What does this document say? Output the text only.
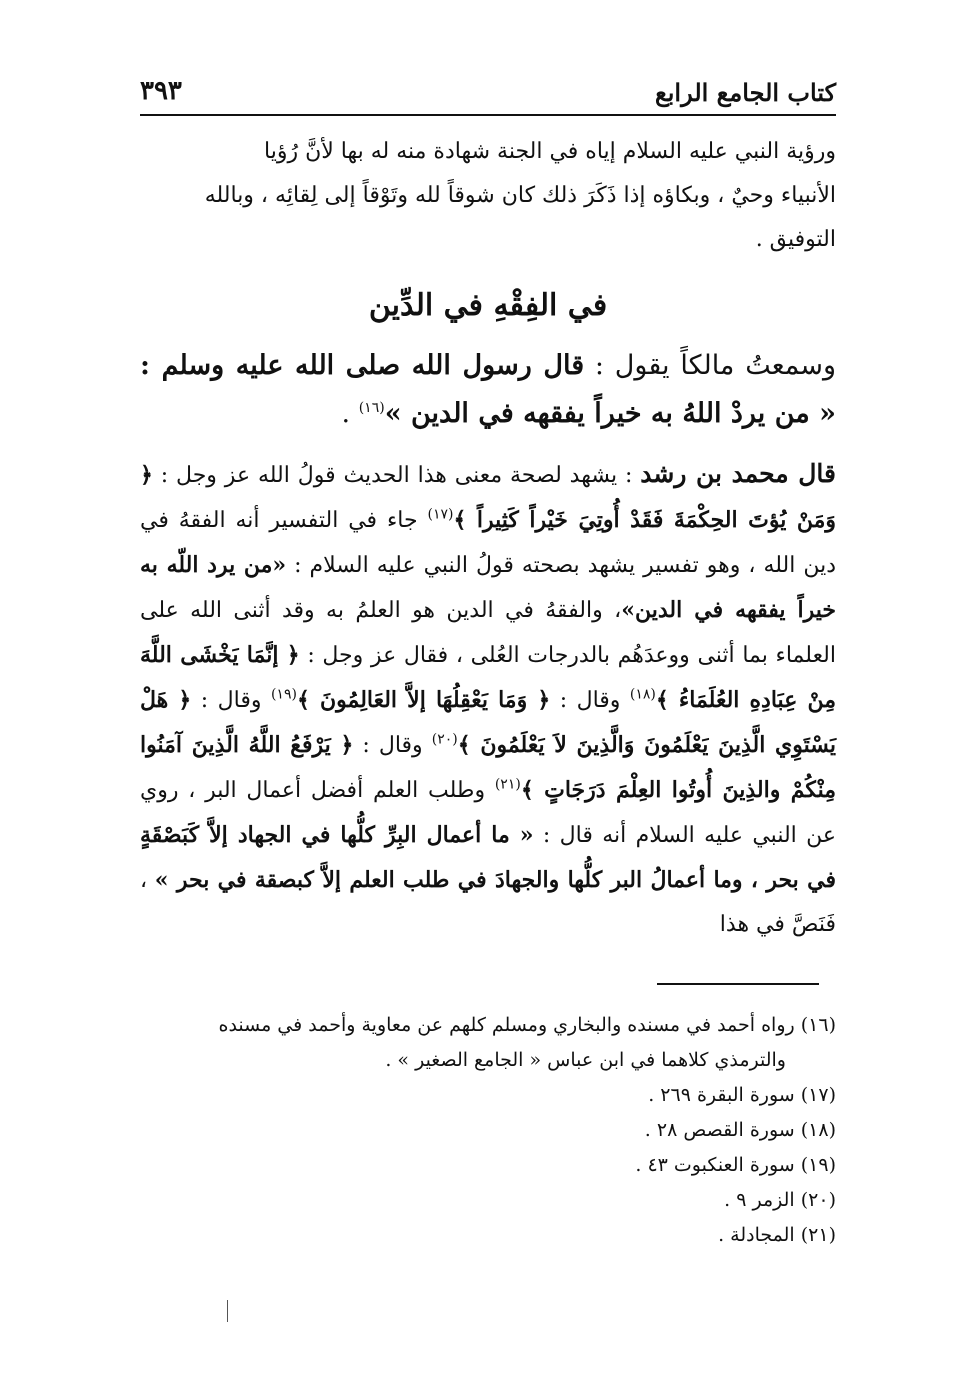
كتاب الجامع الرابع
٣٩٣

ورؤية النبي عليه السلام إياه في الجنة شهادة منه له بها لأنَّ رُؤيا

الأنبياء وحيٌ ، وبكاؤه إذا ذَكَرَ ذلك كان شوقاً لله وتَوْقاً إلى لِقائِه ، وبالله

التوفيق .

في الفِقْهِ في الدِّين

وسمعتُ مالكاً يقول : قال رسول الله صلى الله عليه وسلم : « من يردْ اللهُ به خيراً يفقهه في الدين »$^{(١٦)}$ .

قال محمد بن رشد : يشهد لصحة معنى هذا الحديث قولُ الله عز وجل : ﴿ وَمَنْ يُؤتَ الحِكْمَةَ فَقَدْ أُوتِيَ خَيْراً كَثِيراً ﴾$^{(١٧)}$ جاء في التفسير أنه الفقهُ في دين الله ، وهو تفسير يشهد بصحته قولُ النبي عليه السلام : «من يرد اللّه به خيراً يفقهه في الدين»، والفقهُ في الدين هو العلمُ به وقد أثنى الله على العلماء بما أثنى ووعدَهُم بالدرجات العُلى ، فقال عز وجل : ﴿ إنَّمَا يَخْشَى اللَّهَ مِنْ عِبَادِهِ العُلَمَاءُ ﴾$^{(١٨)}$ وقال : ﴿ وَمَا يَعْقِلُهَا إلاَّ العَالِمُونَ ﴾$^{(١٩)}$ وقال : ﴿ هَلْ يَسْتَوِي الَّذِينَ يَعْلَمُونَ وَالَّذِينَ لاَ يَعْلَمُونَ ﴾$^{(٢٠)}$ وقال : ﴿ يَرْفَعُ اللَّهُ الَّذِينَ آمَنُوا مِنْكُمْ والذِينَ أُوتُوا العِلْمَ دَرَجَاتٍ ﴾$^{(٢١)}$ وطلب العلم أفضل أعمال البر ، روي عن النبي عليه السلام أنه قال : « ما أعمال البِرِّ كلُّها في الجهاد إلاَّ كَبَصْقَةٍ في بحر ، وما أعمالُ البر كلُّها والجهادَ في طلب العلم إلاَّ كبصقة في بحر » ، فَنَصَّ في هذا

(١٦) رواه أحمد في مسنده والبخاري ومسلم كلهم عن معاوية وأحمد في مسنده
والترمذي كلاهما في ابن عباس « الجامع الصغير » .
(١٧) سورة البقرة ٢٦٩ .
(١٨) سورة القصص ٢٨ .
(١٩) سورة العنكبوت ٤٣ .
(٢٠) الزمر ٩ .
(٢١) المجادلة .
